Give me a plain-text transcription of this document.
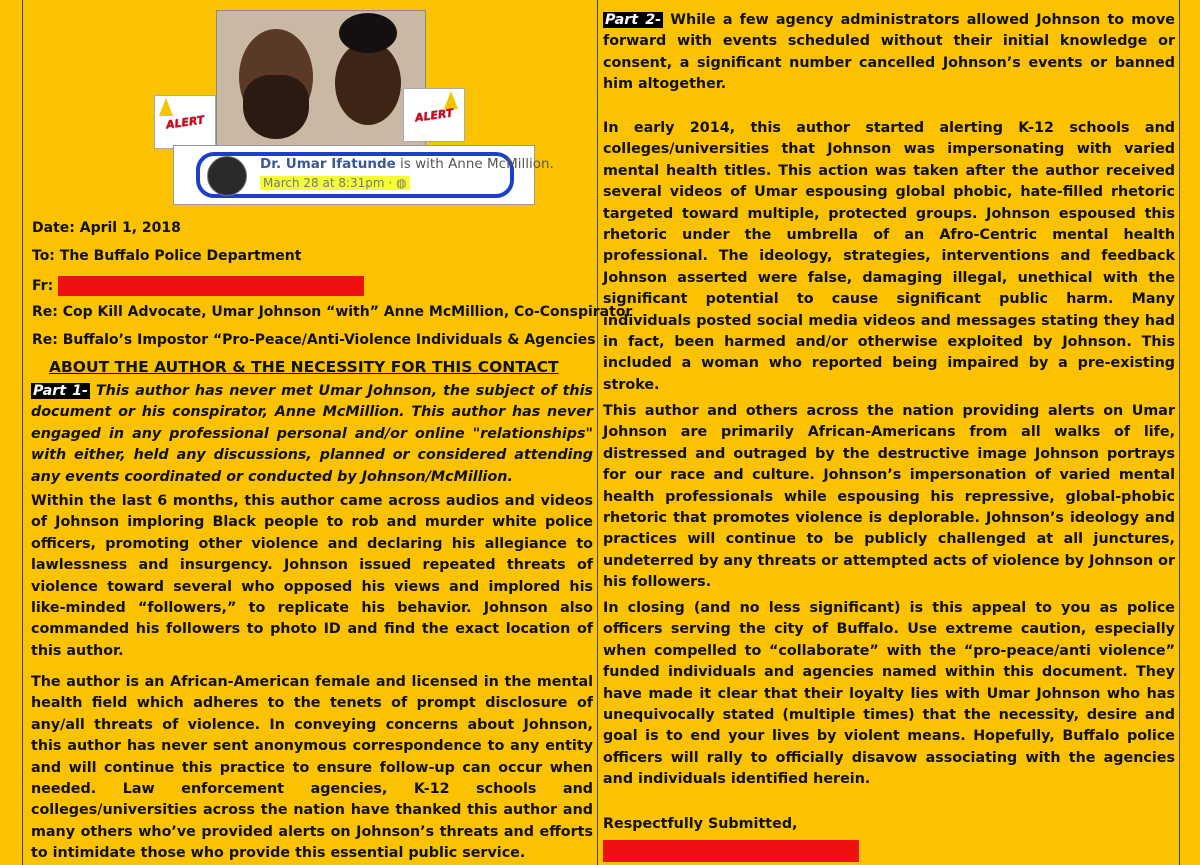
ALERT	ALERT
Dr. Umar Ifatunde is with Anne McMillion.
March 28 at 8:31pm · ◍
Date: April 1, 2018
To: The Buffalo Police Department
Fr:
Re: Cop Kill Advocate, Umar Johnson “with” Anne McMillion, Co-Conspirator
Re: Buffalo’s Impostor “Pro-Peace/Anti-Violence Individuals & Agencies
ABOUT THE AUTHOR & THE NECESSITY FOR THIS CONTACT
Part 1- This author has never met Umar Johnson, the subject of this document or his conspirator, Anne McMillion. This author has never engaged in any professional personal and/or online "relationships" with either, held any discussions, planned or considered attending any events coordinated or conducted by Johnson/McMillion.
Within the last 6 months, this author came across audios and videos of Johnson imploring Black people to rob and murder white police officers, promoting other violence and declaring his allegiance to lawlessness and insurgency. Johnson issued repeated threats of violence toward several who opposed his views and implored his like-minded “followers,” to replicate his behavior. Johnson also commanded his followers to photo ID and find the exact location of this author.
The author is an African-American female and licensed in the mental health field which adheres to the tenets of prompt disclosure of any/all threats of violence. In conveying concerns about Johnson, this author has never sent anonymous correspondence to any entity and will continue this practice to ensure follow-up can occur when needed. Law enforcement agencies, K-12 schools and colleges/universities across the nation have thanked this author and many others who’ve provided alerts on Johnson’s threats and efforts to intimidate those who provide this essential public service.
Part 2- While a few agency administrators allowed Johnson to move forward with events scheduled without their initial knowledge or consent, a significant number cancelled Johnson’s events or banned him altogether.
In early 2014, this author started alerting K-12 schools and colleges/universities that Johnson was impersonating with varied mental health titles. This action was taken after the author received several videos of Umar espousing global phobic, hate-filled rhetoric targeted toward multiple, protected groups. Johnson espoused this rhetoric under the umbrella of an Afro-Centric mental health professional. The ideology, strategies, interventions and feedback Johnson asserted were false, damaging illegal, unethical with the significant potential to cause significant public harm. Many individuals posted social media videos and messages stating they had in fact, been harmed and/or otherwise exploited by Johnson. This included a woman who reported being impaired by a pre-existing stroke.
This author and others across the nation providing alerts on Umar Johnson are primarily African-Americans from all walks of life, distressed and outraged by the destructive image Johnson portrays for our race and culture. Johnson’s impersonation of varied mental health professionals while espousing his repressive, global-phobic rhetoric that promotes violence is deplorable. Johnson’s ideology and practices will continue to be publicly challenged at all junctures, undeterred by any threats or attempted acts of violence by Johnson or his followers.
In closing (and no less significant) is this appeal to you as police officers serving the city of Buffalo. Use extreme caution, especially when compelled to “collaborate” with the “pro-peace/anti violence” funded individuals and agencies named within this document. They have made it clear that their loyalty lies with Umar Johnson who has unequivocally stated (multiple times) that the necessity, desire and goal is to end your lives by violent means. Hopefully, Buffalo police officers will rally to officially disavow associating with the agencies and individuals identified herein.
Respectfully Submitted,
